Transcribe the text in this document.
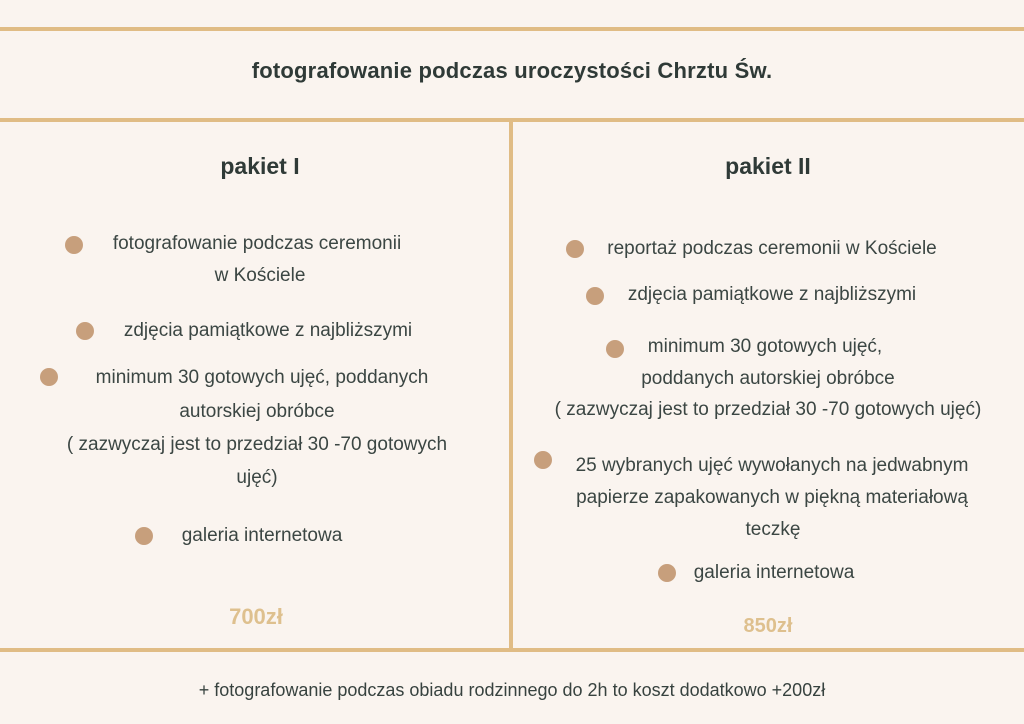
fotografowanie podczas uroczystości Chrztu Św.
pakiet I
fotografowanie podczas ceremonii
w Kościele
zdjęcia pamiątkowe z najbliższymi
minimum 30 gotowych ujęć, poddanych
autorskiej obróbce
( zazwyczaj jest to przedział 30 -70 gotowych
ujęć)
galeria internetowa
700zł
pakiet II
reportaż podczas ceremonii w Kościele
zdjęcia pamiątkowe z najbliższymi
minimum 30 gotowych ujęć,
poddanych autorskiej obróbce
( zazwyczaj jest to przedział 30 -70 gotowych ujęć)
25 wybranych ujęć wywołanych na jedwabnym
papierze zapakowanych w piękną materiałową
teczkę
galeria internetowa
850zł
+ fotografowanie podczas obiadu rodzinnego do 2h to koszt dodatkowo +200zł
